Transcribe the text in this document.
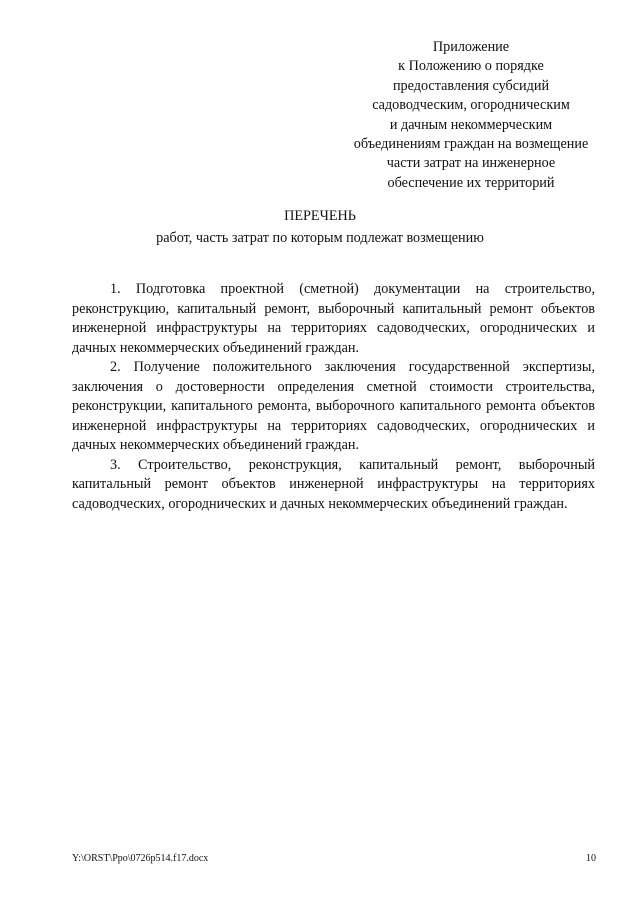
Приложение
к Положению о порядке
предоставления субсидий
садоводческим, огородническим
и дачным некоммерческим
объединениям граждан на возмещение
части затрат на инженерное
обеспечение их территорий
ПЕРЕЧЕНЬ
работ, часть затрат по которым подлежат возмещению

1. Подготовка проектной (сметной) документации на строительство, реконструкцию, капитальный ремонт, выборочный капитальный ремонт объектов инженерной инфраструктуры на территориях садоводческих, огороднических и дачных некоммерческих объединений граждан.

2. Получение положительного заключения государственной экспертизы, заключения о достоверности определения сметной стоимости строительства, реконструкции, капитального ремонта, выборочного капитального ремонта объектов инженерной инфраструктуры на территориях садоводческих, огороднических и дачных некоммерческих объединений граждан.

3. Строительство, реконструкция, капитальный ремонт, выборочный капитальный ремонт объектов инженерной инфраструктуры на территориях садоводческих, огороднических и дачных некоммерческих объединений граждан.

Y:\ORST\Ppo\0726p514.f17.docx	10
